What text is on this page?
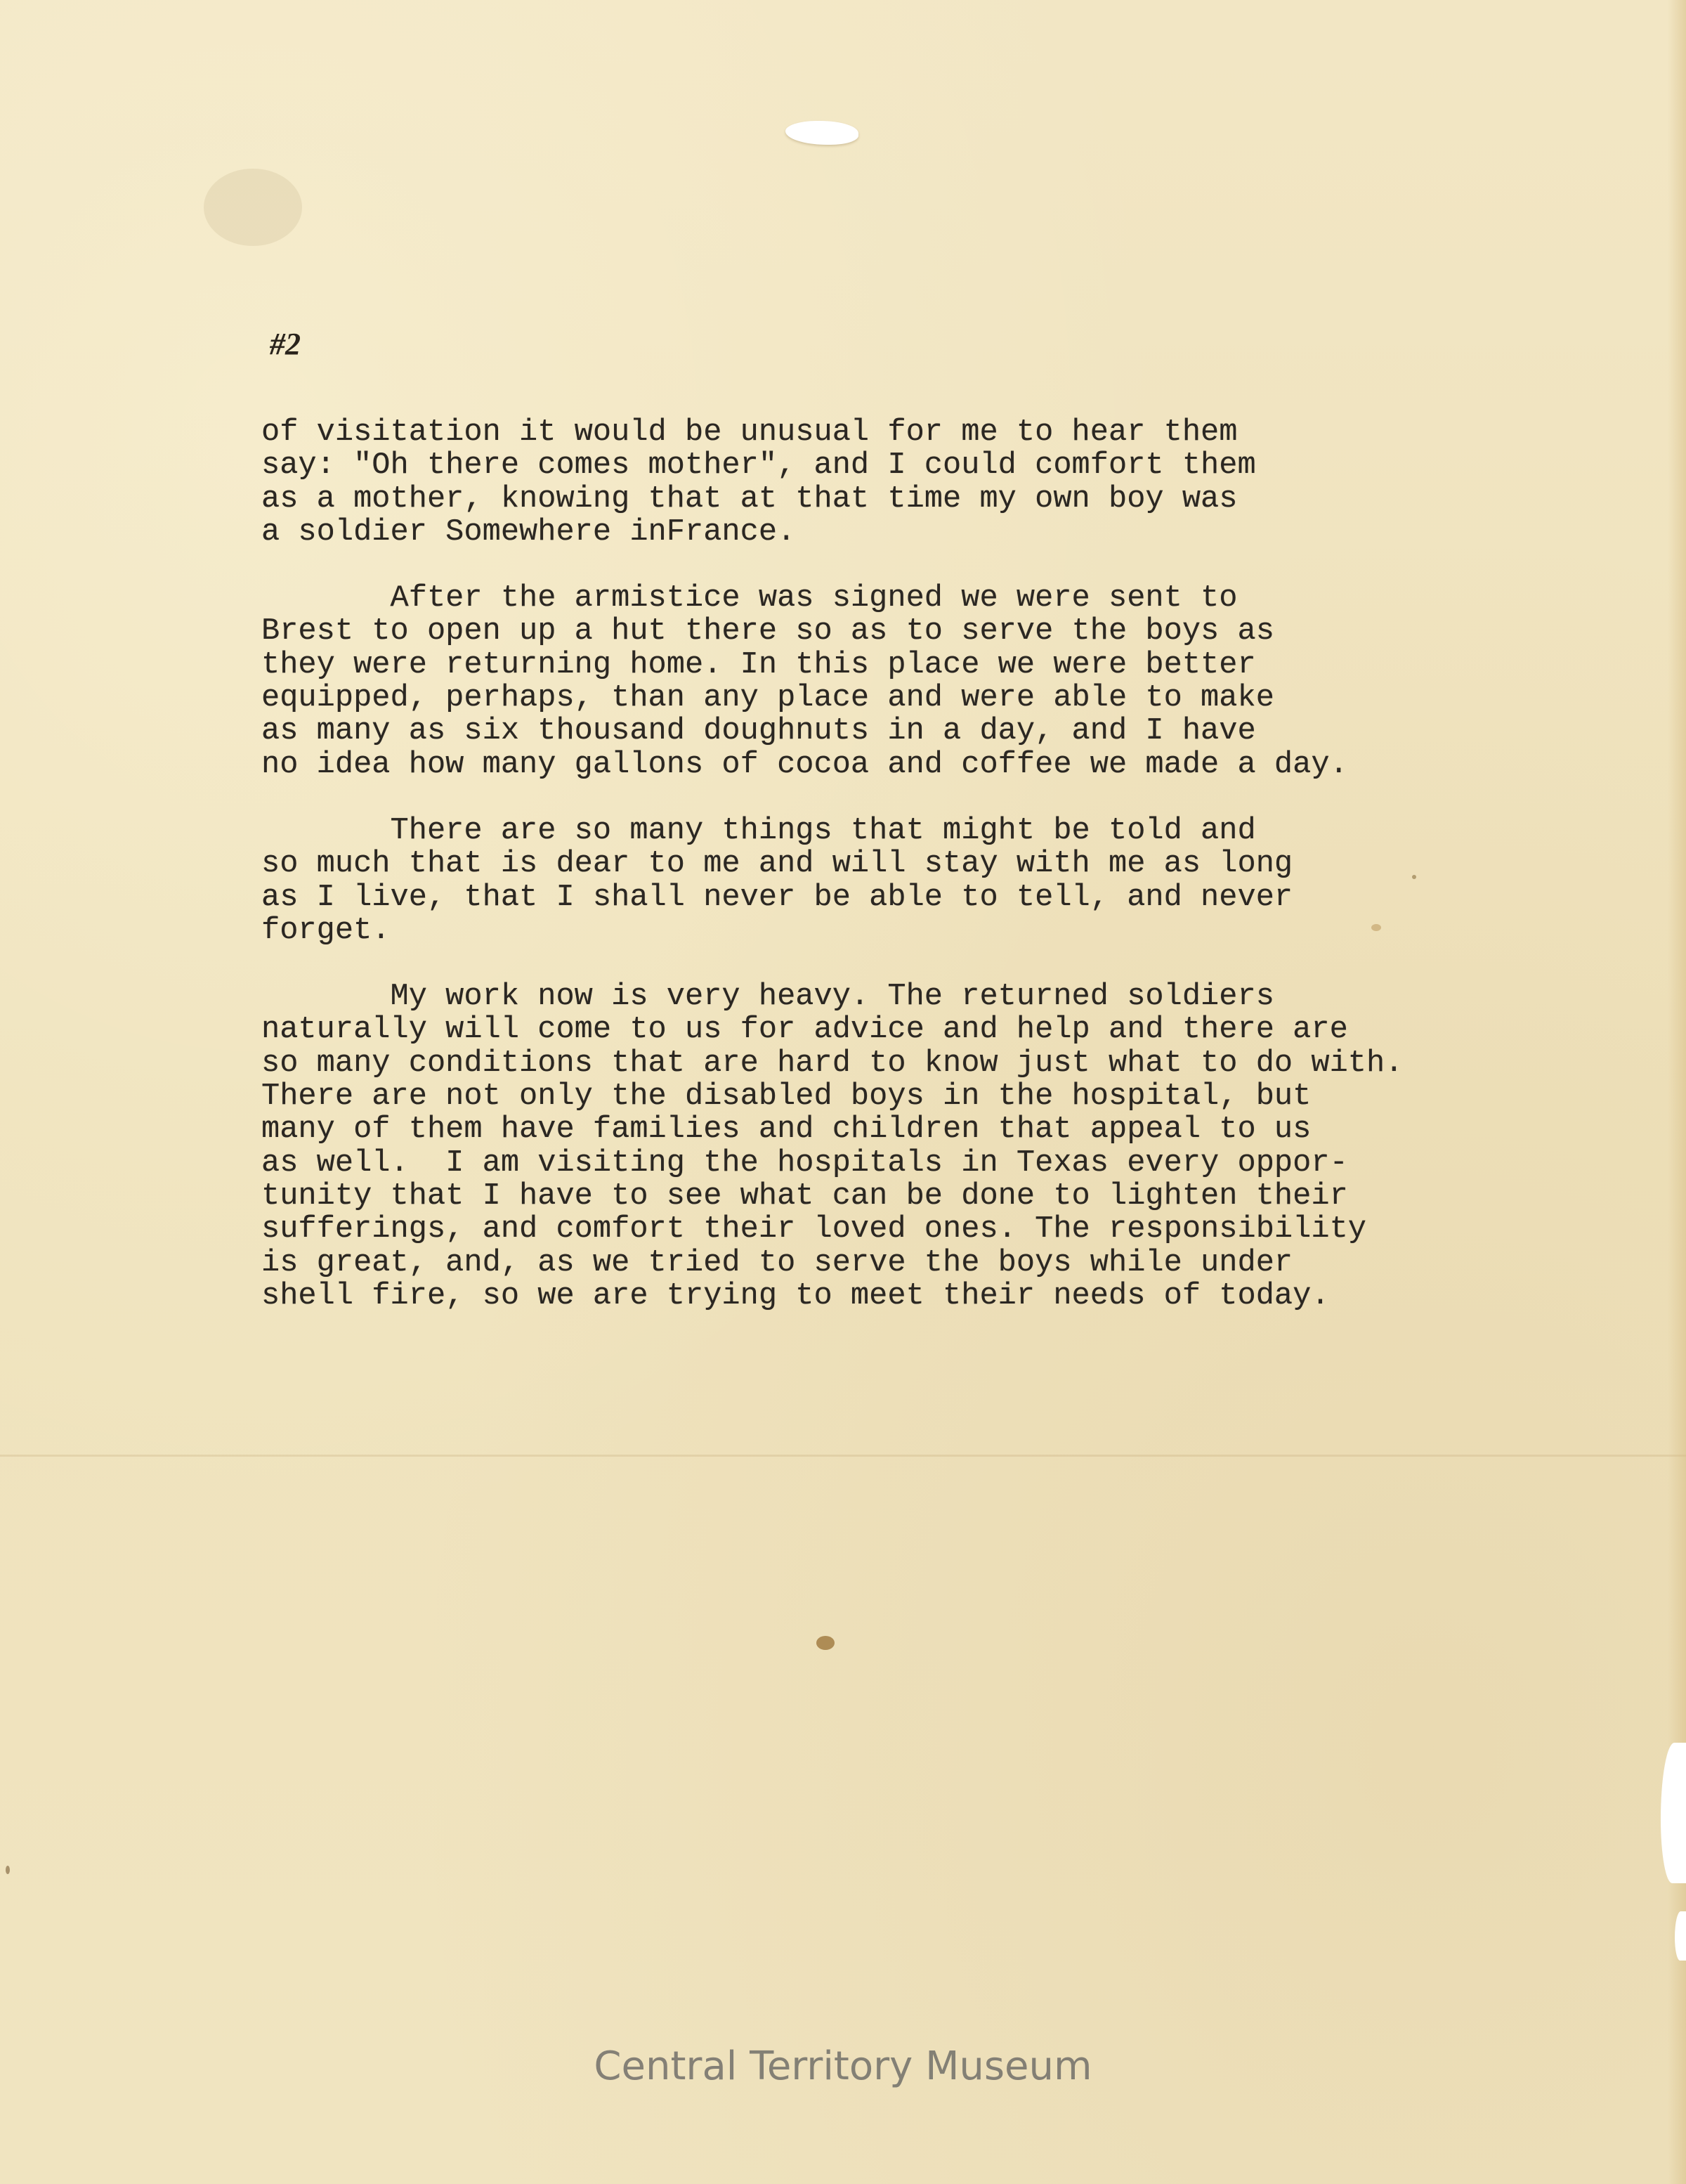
#2
of visitation it would be unusual for me to hear them
say: "Oh there comes mother", and I could comfort them
as a mother, knowing that at that time my own boy was
a soldier Somewhere inFrance.
After the armistice was signed we were sent to
Brest to open up a hut there so as to serve the boys as
they were returning home. In this place we were better
equipped, perhaps, than any place and were able to make
as many as six thousand doughnuts in a day, and I have
no idea how many gallons of cocoa and coffee we made a day.
There are so many things that might be told and
so much that is dear to me and will stay with me as long
as I live, that I shall never be able to tell, and never
forget.
My work now is very heavy. The returned soldiers
naturally will come to us for advice and help and there are
so many conditions that are hard to know just what to do with.
There are not only the disabled boys in the hospital, but
many of them have families and children that appeal to us
as well.  I am visiting the hospitals in Texas every oppor-
tunity that I have to see what can be done to lighten their
sufferings, and comfort their loved ones. The responsibility
is great, and, as we tried to serve the boys while under
shell fire, so we are trying to meet their needs of today.

Central Territory Museum
